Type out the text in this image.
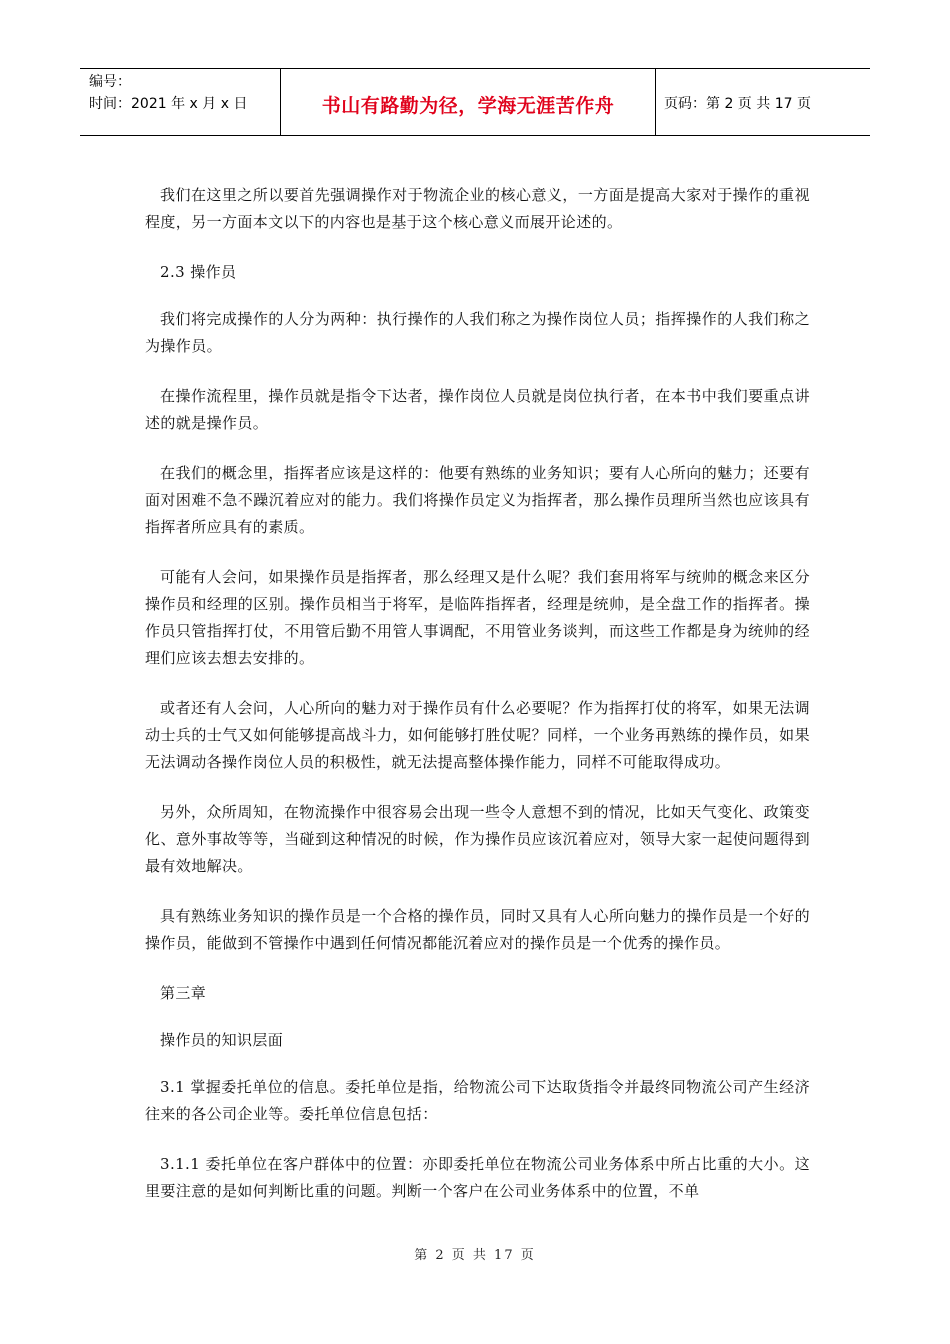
编号：
时间：2021 年 x 月 x 日	书山有路勤为径，学海无涯苦作舟	页码：第 2 页 共 17 页

我们在这里之所以要首先强调操作对于物流企业的核心意义，一方面是提高大家对于操作的重视程度，另一方面本文以下的内容也是基于这个核心意义而展开论述的。

2.3 操作员

我们将完成操作的人分为两种：执行操作的人我们称之为操作岗位人员；指挥操作的人我们称之为操作员。

在操作流程里，操作员就是指令下达者，操作岗位人员就是岗位执行者，在本书中我们要重点讲述的就是操作员。

在我们的概念里，指挥者应该是这样的：他要有熟练的业务知识；要有人心所向的魅力；还要有面对困难不急不躁沉着应对的能力。我们将操作员定义为指挥者，那么操作员理所当然也应该具有指挥者所应具有的素质。

可能有人会问，如果操作员是指挥者，那么经理又是什么呢？我们套用将军与统帅的概念来区分操作员和经理的区别。操作员相当于将军，是临阵指挥者，经理是统帅，是全盘工作的指挥者。操作员只管指挥打仗，不用管后勤不用管人事调配，不用管业务谈判，而这些工作都是身为统帅的经理们应该去想去安排的。

或者还有人会问，人心所向的魅力对于操作员有什么必要呢？作为指挥打仗的将军，如果无法调动士兵的士气又如何能够提高战斗力，如何能够打胜仗呢？同样，一个业务再熟练的操作员，如果无法调动各操作岗位人员的积极性，就无法提高整体操作能力，同样不可能取得成功。

另外，众所周知，在物流操作中很容易会出现一些令人意想不到的情况，比如天气变化、政策变化、意外事故等等，当碰到这种情况的时候，作为操作员应该沉着应对，领导大家一起使问题得到最有效地解决。

具有熟练业务知识的操作员是一个合格的操作员，同时又具有人心所向魅力的操作员是一个好的操作员，能做到不管操作中遇到任何情况都能沉着应对的操作员是一个优秀的操作员。

第三章

操作员的知识层面

3.1 掌握委托单位的信息。委托单位是指，给物流公司下达取货指令并最终同物流公司产生经济往来的各公司企业等。委托单位信息包括：

3.1.1 委托单位在客户群体中的位置：亦即委托单位在物流公司业务体系中所占比重的大小。这里要注意的是如何判断比重的问题。判断一个客户在公司业务体系中的位置，不单

第 2 页 共 17 页
